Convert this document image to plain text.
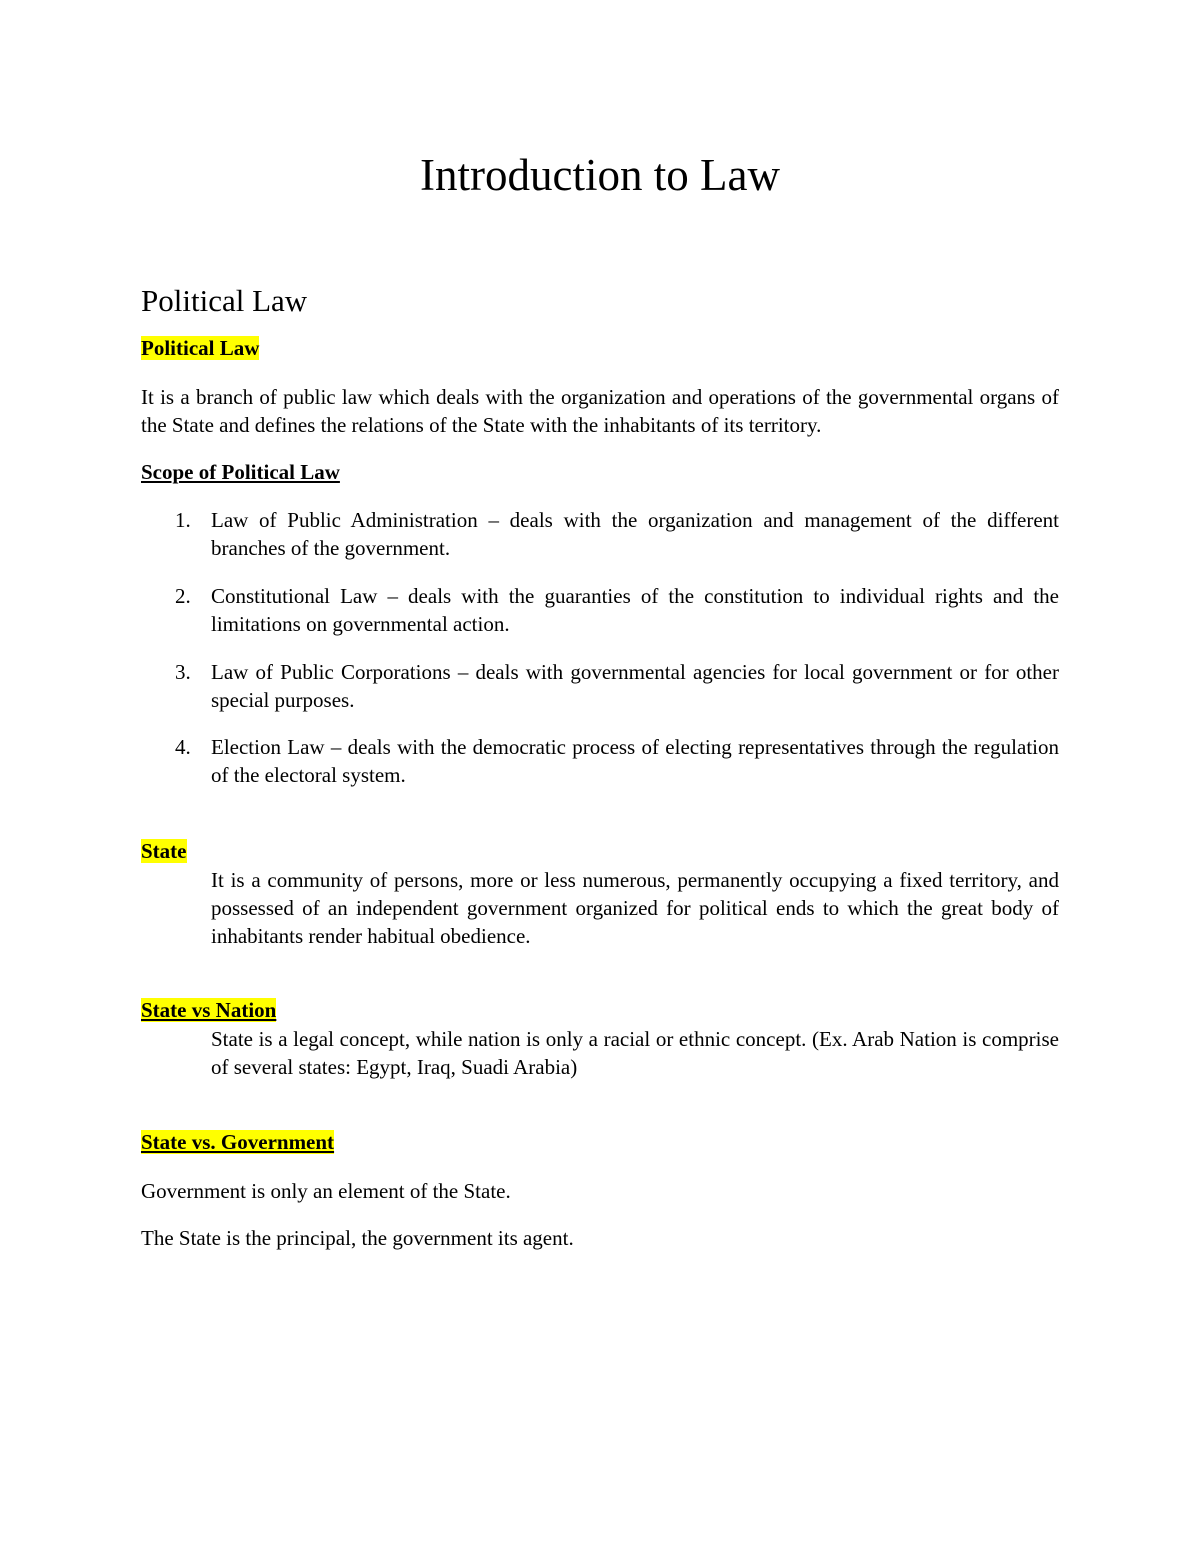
Introduction to Law
Political Law

Political Law

It is a branch of public law which deals with the organization and operations of the governmental organs of the State and defines the relations of the State with the inhabitants of its territory.

Scope of Political Law

1. Law of Public Administration – deals with the organization and management of the different branches of the government.
2. Constitutional Law – deals with the guaranties of the constitution to individual rights and the limitations on governmental action.
3. Law of Public Corporations – deals with governmental agencies for local government or for other special purposes.
4. Election Law – deals with the democratic process of electing representatives through the regulation of the electoral system.

State

It is a community of persons, more or less numerous, permanently occupying a fixed territory, and possessed of an independent government organized for political ends to which the great body of inhabitants render habitual obedience.

State vs Nation

State is a legal concept, while nation is only a racial or ethnic concept. (Ex. Arab Nation is comprise of several states: Egypt, Iraq, Suadi Arabia)

State vs. Government

Government is only an element of the State.

The State is the principal, the government its agent.
